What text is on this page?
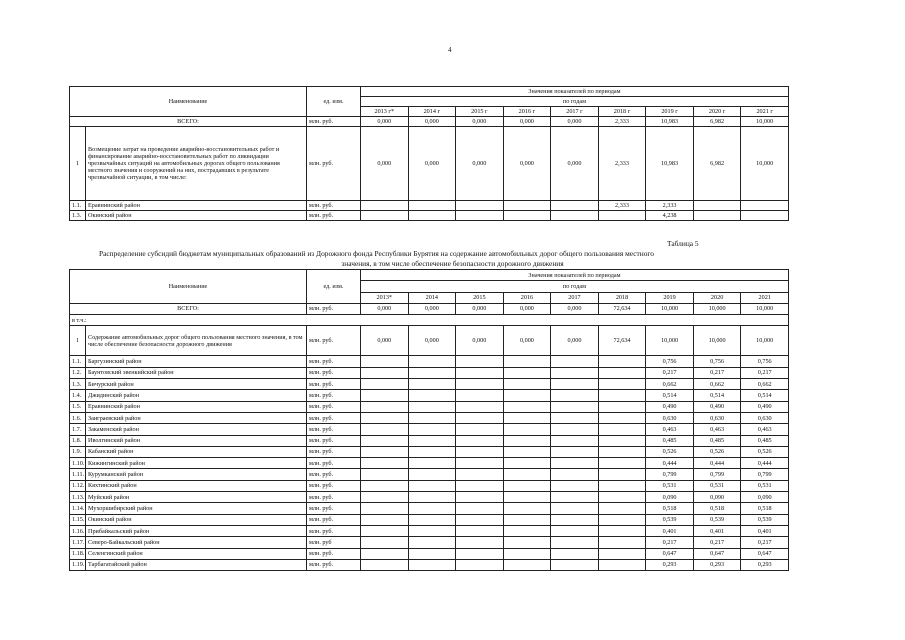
4
Наименование		ед. изм.	Значения показателей по периодам								
			по годам								
			2013 г*	2014 г	2015 г	2016 г	2017 г	2018 г	2019 г	2020 г	2021 г
ВСЕГО:		млн. руб.	0,000	0,000	0,000	0,000	0,000	2,333	10,983	6,982	10,000
1	Возмещение затрат на проведение аварийно-восстановительных работ и финансирование аварийно-восстановительных работ по ликвидации чрезвычайных ситуаций на автомобильных дорогах общего пользования местного значения и сооружений на них, пострадавших в результате чрезвычайной ситуации, в том числе:	млн. руб.	0,000	0,000	0,000	0,000	0,000	2,333	10,983	6,982	10,000
1.1.	Еравнинский район	млн. руб.						2,333	2,333		
1.3.	Окинский район	млн. руб.							4,238		
Таблица 5
Распределение субсидий бюджетам муниципальных образований из Дорожного фонда Республики Бурятия на содержание автомобильных дорог общего пользования местного
значения, в том числе обеспечение безопасности дорожного движения
Наименование		ед. изм.	Значения показателей по периодам								
			по годам								
			2013*	2014	2015	2016	2017	2018	2019	2020	2021
ВСЕГО:		млн. руб.	0,000	0,000	0,000	0,000	0,000	72,634	10,000	10,000	10,000
в т.ч.:											
1	Содержание автомобильных дорог общего пользования местного значения, в том числе обеспечение безопасности дорожного движения	млн. руб.	0,000	0,000	0,000	0,000	0,000	72,634	10,000	10,000	10,000
1.1.	Баргузинский район	млн. руб.							0,756	0,756	0,756
1.2.	Баунтовский эвенкийский район	млн. руб.							0,217	0,217	0,217
1.3.	Бичурский район	млн. руб.							0,662	0,662	0,662
1.4.	Джидинский район	млн. руб.							0,514	0,514	0,514
1.5.	Еравнинский район	млн. руб.							0,490	0,490	0,490
1.6.	Заиграевский район	млн. руб.							0,630	0,630	0,630
1.7.	Закаменский район	млн. руб.							0,463	0,463	0,463
1.8.	Иволгинский район	млн. руб.							0,485	0,485	0,485
1.9.	Кабанский район	млн. руб.							0,526	0,526	0,526
1.10.	Кижингинский район	млн. руб.							0,444	0,444	0,444
1.11.	Курумканский район	млн. руб.							0,799	0,799	0,799
1.12.	Кяхтинский район	млн. руб.							0,531	0,531	0,531
1.13.	Муйский район	млн. руб.							0,090	0,090	0,090
1.14.	Мухоршибирский район	млн. руб.							0,518	0,518	0,518
1.15.	Окинский район	млн. руб.							0,539	0,539	0,539
1.16.	Прибайкальский район	млн. руб.							0,401	0,401	0,401
1.17.	Северо-Байкальский район	млн. руб							0,217	0,217	0,217
1.18.	Селенгинский район	млн. руб.							0,647	0,647	0,647
1.19.	Тарбагатайский район	млн. руб.							0,293	0,293	0,293
